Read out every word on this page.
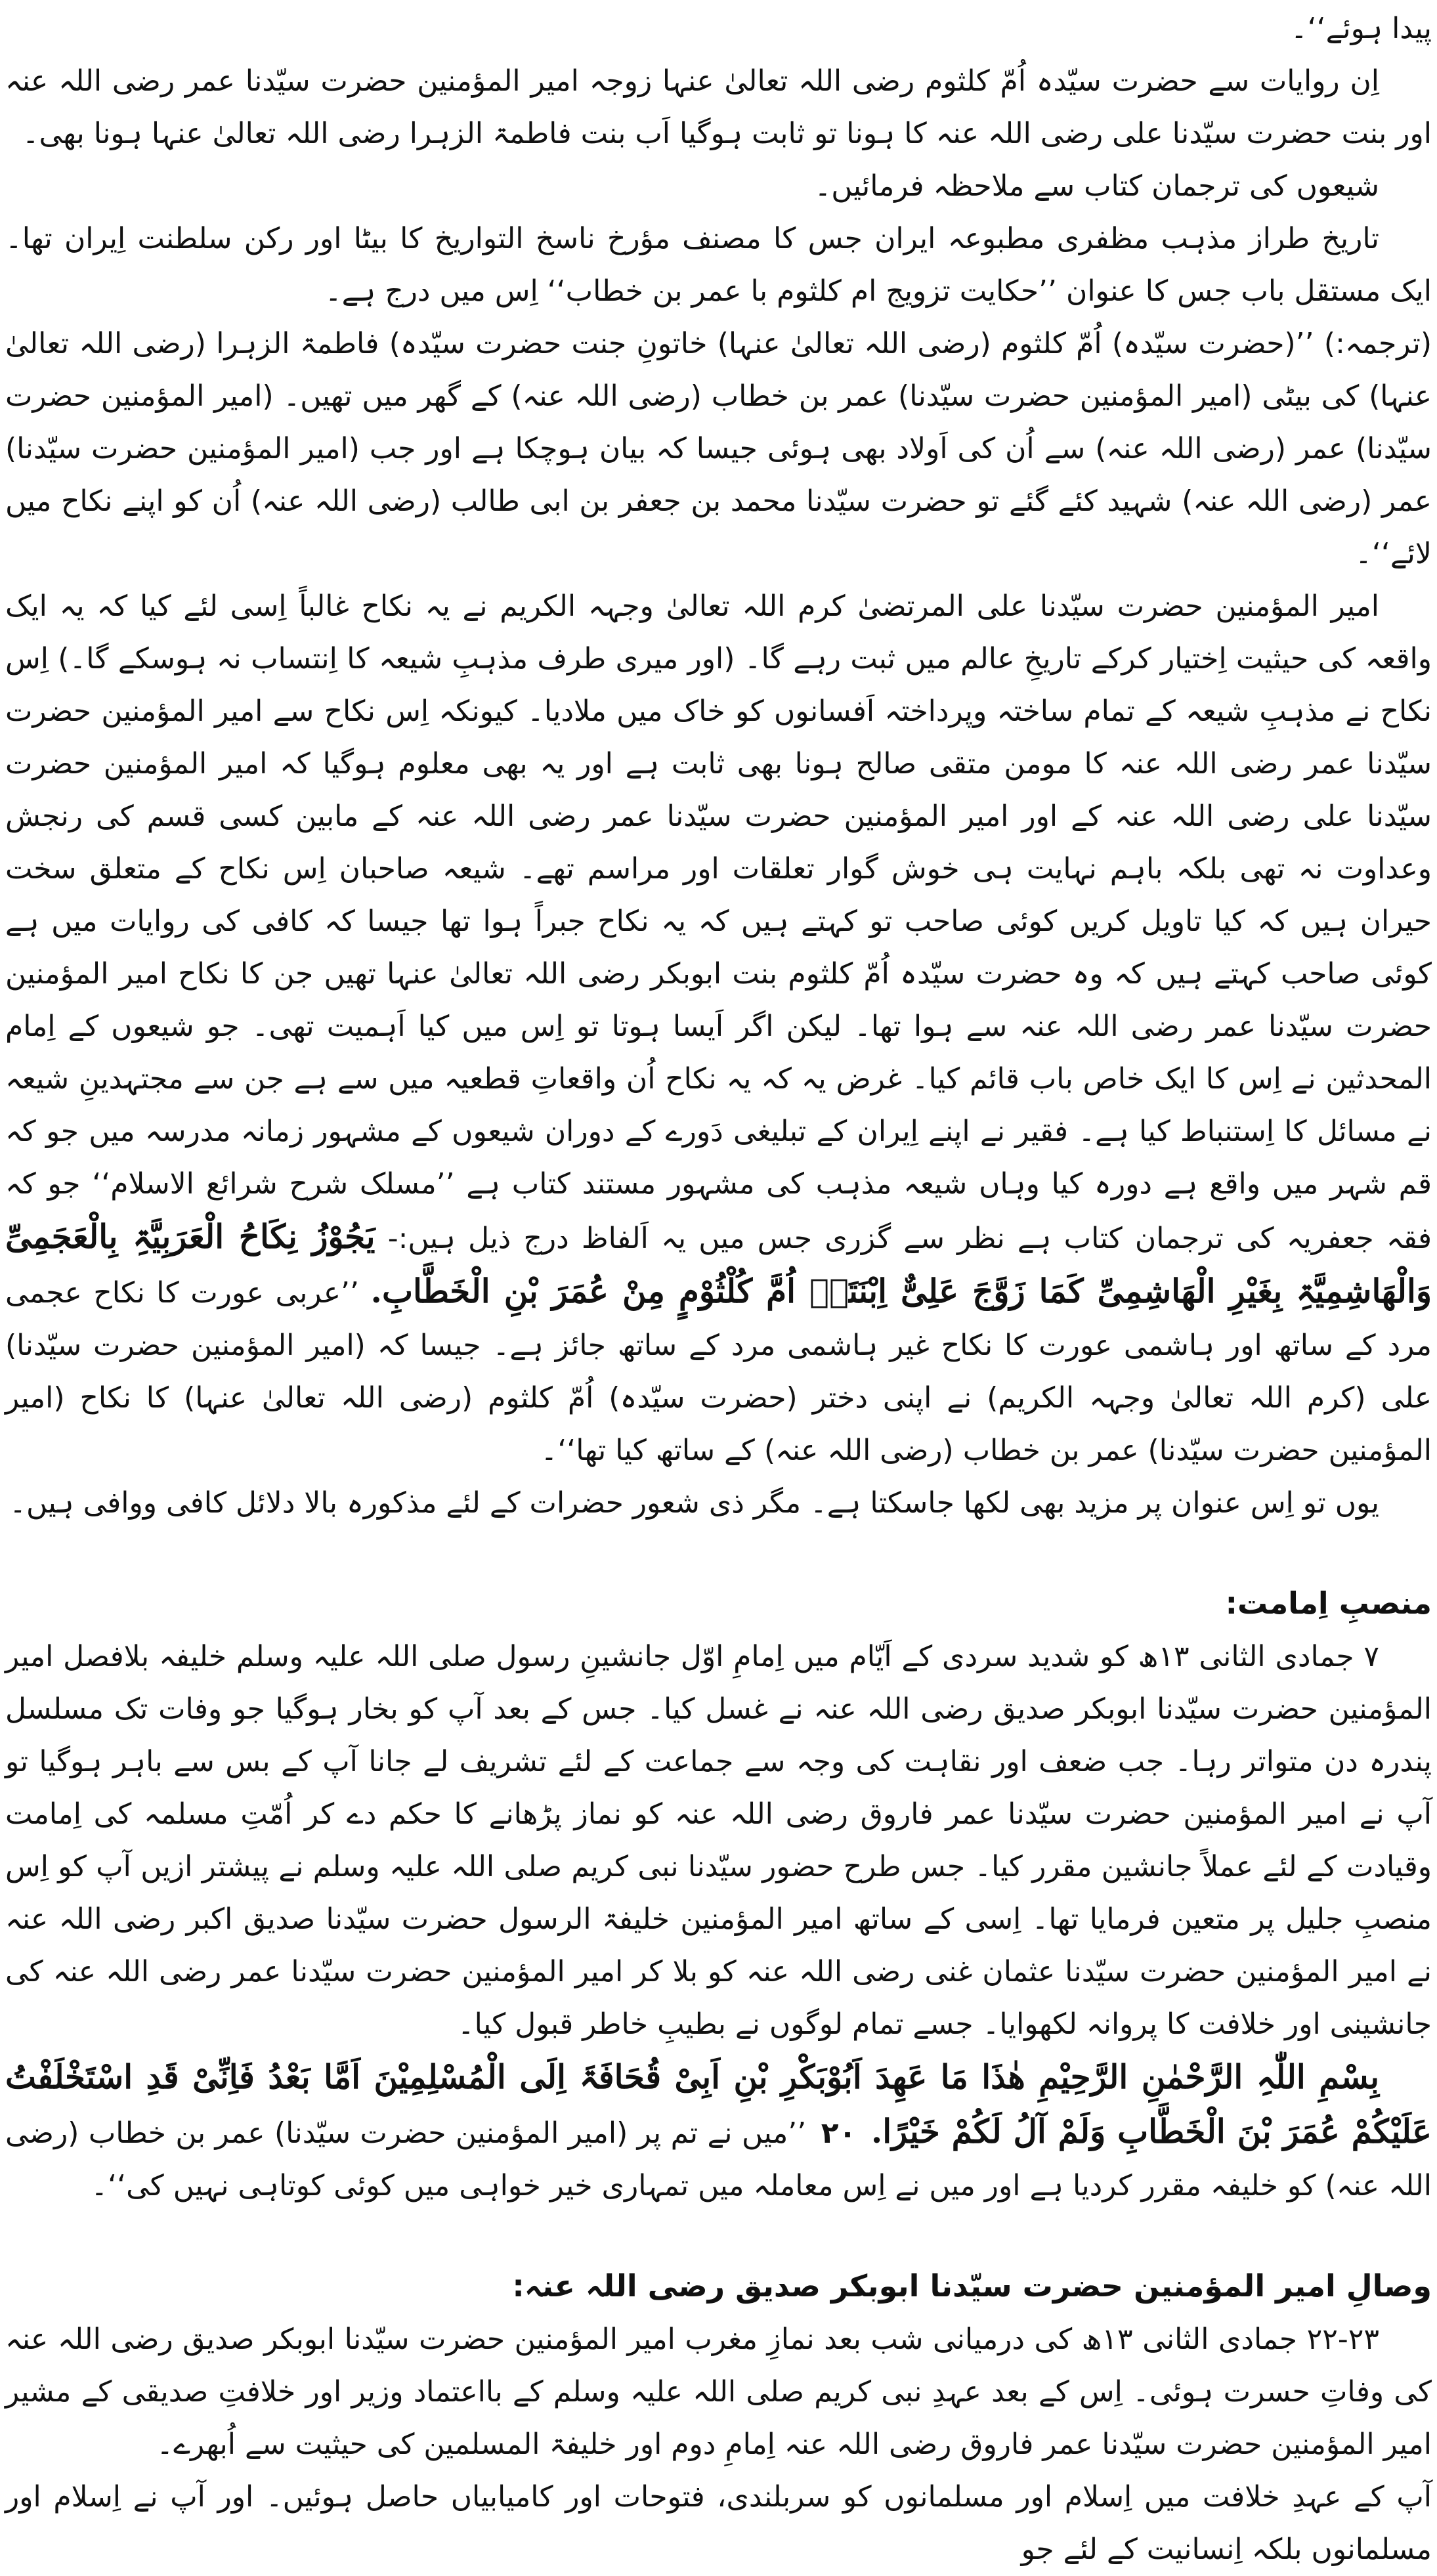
پیدا ہوئے‘‘۔

اِن روایات سے حضرت سیّدہ اُمّ کلثوم رضی اللہ تعالیٰ عنہا زوجہ امیر المؤمنین حضرت سیّدنا عمر رضی اللہ عنہ اور بنت حضرت سیّدنا علی رضی اللہ عنہ کا ہونا تو ثابت ہوگیا اَب بنت فاطمۃ الزہرا رضی اللہ تعالیٰ عنہا ہونا بھی۔

شیعوں کی ترجمان کتاب سے ملاحظہ فرمائیں۔

تاریخ طراز مذہب مظفری مطبوعہ ایران جس کا مصنف مؤرخ ناسخ التواریخ کا بیٹا اور رکن سلطنت اِیران تھا۔ ایک مستقل باب جس کا عنوان ’’حکایت تزویج ام کلثوم با عمر بن خطاب‘‘ اِس میں درج ہے۔

(ترجمہ:) ’’(حضرت سیّدہ) اُمّ کلثوم (رضی اللہ تعالیٰ عنہا) خاتونِ جنت حضرت سیّدہ) فاطمۃ الزہرا (رضی اللہ تعالیٰ عنہا) کی بیٹی (امیر المؤمنین حضرت سیّدنا) عمر بن خطاب (رضی اللہ عنہ) کے گھر میں تھیں۔ (امیر المؤمنین حضرت سیّدنا) عمر (رضی اللہ عنہ) سے اُن کی اَولاد بھی ہوئی جیسا کہ بیان ہوچکا ہے اور جب (امیر المؤمنین حضرت سیّدنا) عمر (رضی اللہ عنہ) شہید کئے گئے تو حضرت سیّدنا محمد بن جعفر بن ابی طالب (رضی اللہ عنہ) اُن کو اپنے نکاح میں لائے‘‘۔

امیر المؤمنین حضرت سیّدنا علی المرتضیٰ کرم اللہ تعالیٰ وجہہ الکریم نے یہ نکاح غالباً اِسی لئے کیا کہ یہ ایک واقعہ کی حیثیت اِختیار کرکے تاریخِ عالم میں ثبت رہے گا۔ (اور میری طرف مذہبِ شیعہ کا اِنتساب نہ ہوسکے گا۔) اِس نکاح نے مذہبِ شیعہ کے تمام ساختہ وپرداختہ اَفسانوں کو خاک میں ملادیا۔ کیونکہ اِس نکاح سے امیر المؤمنین حضرت سیّدنا عمر رضی اللہ عنہ کا مومن متقی صالح ہونا بھی ثابت ہے اور یہ بھی معلوم ہوگیا کہ امیر المؤمنین حضرت سیّدنا علی رضی اللہ عنہ کے اور امیر المؤمنین حضرت سیّدنا عمر رضی اللہ عنہ کے مابین کسی قسم کی رنجش وعداوت نہ تھی بلکہ باہم نہایت ہی خوش گوار تعلقات اور مراسم تھے۔ شیعہ صاحبان اِس نکاح کے متعلق سخت حیران ہیں کہ کیا تاویل کریں کوئی صاحب تو کہتے ہیں کہ یہ نکاح جبراً ہوا تھا جیسا کہ کافی کی روایات میں ہے کوئی صاحب کہتے ہیں کہ وہ حضرت سیّدہ اُمّ کلثوم بنت ابوبکر رضی اللہ تعالیٰ عنہا تھیں جن کا نکاح امیر المؤمنین حضرت سیّدنا عمر رضی اللہ عنہ سے ہوا تھا۔ لیکن اگر اَیسا ہوتا تو اِس میں کیا اَہمیت تھی۔ جو شیعوں کے اِمام المحدثین نے اِس کا ایک خاص باب قائم کیا۔ غرض یہ کہ یہ نکاح اُن واقعاتِ قطعیہ میں سے ہے جن سے مجتہدینِ شیعہ نے مسائل کا اِستنباط کیا ہے۔ فقیر نے اپنے اِیران کے تبلیغی دَورے کے دوران شیعوں کے مشہور زمانہ مدرسہ میں جو کہ قم شہر میں واقع ہے دورہ کیا وہاں شیعہ مذہب کی مشہور مستند کتاب ہے ’’مسلک شرح شرائع الاسلام‘‘ جو کہ فقہ جعفریہ کی ترجمان کتاب ہے نظر سے گزری جس میں یہ اَلفاظ درج ذیل ہیں:- یَجُوْزُ نِکَاحُ الْعَرَبِیَّۃِ بِالْعَجَمِیِّ وَالْھَاشِمِیَّۃِ بِغَیْرِ الْھَاشِمِیِّ کَمَا زَوَّجَ عَلِیٌّ اِبْنَتَہٗ اُمَّ کُلْثُوْمٍ مِنْ عُمَرَ بْنِ الْخَطَّابِ. ’’عربی عورت کا نکاح عجمی مرد کے ساتھ اور ہاشمی عورت کا نکاح غیر ہاشمی مرد کے ساتھ جائز ہے۔ جیسا کہ (امیر المؤمنین حضرت سیّدنا) علی (کرم اللہ تعالیٰ وجہہ الکریم) نے اپنی دختر (حضرت سیّدہ) اُمّ کلثوم (رضی اللہ تعالیٰ عنہا) کا نکاح (امیر المؤمنین حضرت سیّدنا) عمر بن خطاب (رضی اللہ عنہ) کے ساتھ کیا تھا‘‘۔

یوں تو اِس عنوان پر مزید بھی لکھا جاسکتا ہے۔ مگر ذی شعور حضرات کے لئے مذکورہ بالا دلائل کافی ووافی ہیں۔

منصبِ اِمامت:

۷ جمادی الثانی ۱۳ھ کو شدید سردی کے اَیّام میں اِمامِ اوّل جانشینِ رسول صلی اللہ علیہ وسلم خلیفہ بلافصل امیر المؤمنین حضرت سیّدنا ابوبکر صدیق رضی اللہ عنہ نے غسل کیا۔ جس کے بعد آپ کو بخار ہوگیا جو وفات تک مسلسل پندرہ دن متواتر رہا۔ جب ضعف اور نقاہت کی وجہ سے جماعت کے لئے تشریف لے جانا آپ کے بس سے باہر ہوگیا تو آپ نے امیر المؤمنین حضرت سیّدنا عمر فاروق رضی اللہ عنہ کو نماز پڑھانے کا حکم دے کر اُمّتِ مسلمہ کی اِمامت وقیادت کے لئے عملاً جانشین مقرر کیا۔ جس طرح حضور سیّدنا نبی کریم صلی اللہ علیہ وسلم نے پیشتر ازیں آپ کو اِس منصبِ جلیل پر متعین فرمایا تھا۔ اِسی کے ساتھ امیر المؤمنین خلیفۃ الرسول حضرت سیّدنا صدیق اکبر رضی اللہ عنہ نے امیر المؤمنین حضرت سیّدنا عثمان غنی رضی اللہ عنہ کو بلا کر امیر المؤمنین حضرت سیّدنا عمر رضی اللہ عنہ کی جانشینی اور خلافت کا پروانہ لکھوایا۔ جسے تمام لوگوں نے بطیبِ خاطر قبول کیا۔

بِسْمِ اللّٰہِ الرَّحْمٰنِ الرَّحِیْمِ ھٰذَا مَا عَھِدَ اَبُوْبَکْرِ بْنِ اَبِیْ قُحَافَۃَ اِلَی الْمُسْلِمِیْنَ اَمَّا بَعْدُ فَاِنِّیْ قَدِ اسْتَخْلَفْتُ عَلَیْکُمْ عُمَرَ بْنَ الْخَطَّابِ وَلَمْ آلُ لَکُمْ خَیْرًا. ۲۰ ’’میں نے تم پر (امیر المؤمنین حضرت سیّدنا) عمر بن خطاب (رضی اللہ عنہ) کو خلیفہ مقرر کردیا ہے اور میں نے اِس معاملہ میں تمہاری خیر خواہی میں کوئی کوتاہی نہیں کی‘‘۔

وصالِ امیر المؤمنین حضرت سیّدنا ابوبکر صدیق رضی اللہ عنہ:

۲۲-۲۳ جمادی الثانی ۱۳ھ کی درمیانی شب بعد نمازِ مغرب امیر المؤمنین حضرت سیّدنا ابوبکر صدیق رضی اللہ عنہ کی وفاتِ حسرت ہوئی۔ اِس کے بعد عہدِ نبی کریم صلی اللہ علیہ وسلم کے بااعتماد وزیر اور خلافتِ صدیقی کے مشیر امیر المؤمنین حضرت سیّدنا عمر فاروق رضی اللہ عنہ اِمامِ دوم اور خلیفۃ المسلمین کی حیثیت سے اُبھرے۔

آپ کے عہدِ خلافت میں اِسلام اور مسلمانوں کو سربلندی، فتوحات اور کامیابیاں حاصل ہوئیں۔ اور آپ نے اِسلام اور مسلمانوں بلکہ اِنسانیت کے لئے جو
